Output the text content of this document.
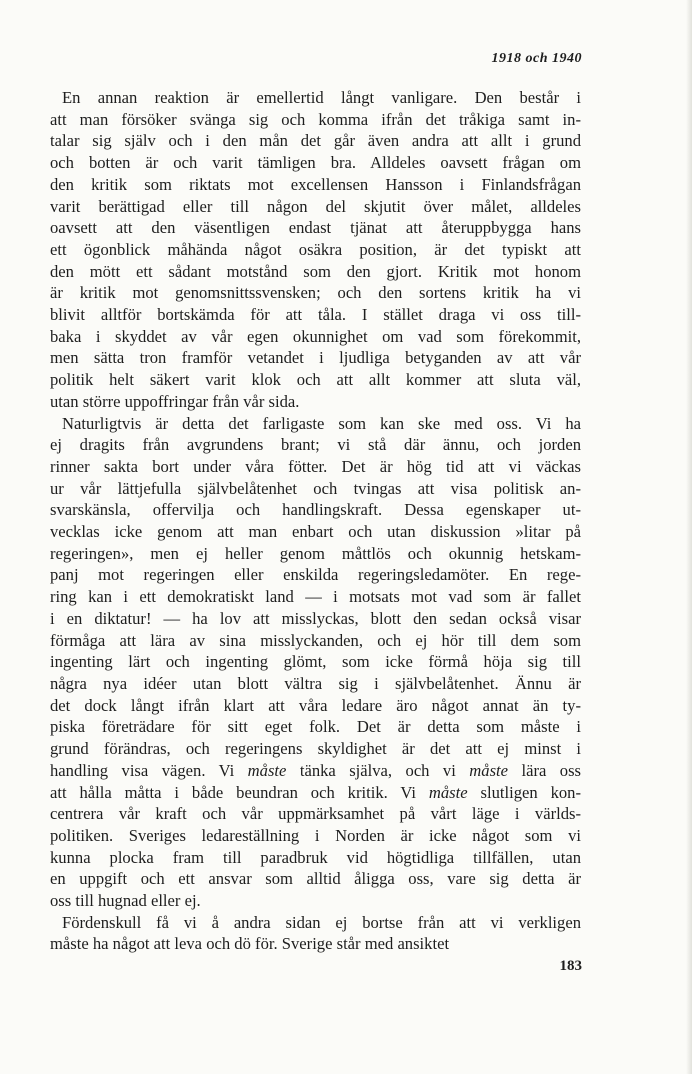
1918 och 1940

En annan reaktion är emellertid långt vanligare. Den består i
att man försöker svänga sig och komma ifrån det tråkiga samt in-
talar sig själv och i den mån det går även andra att allt i grund
och botten är och varit tämligen bra. Alldeles oavsett frågan om
den kritik som riktats mot excellensen Hansson i Finlandsfrågan
varit berättigad eller till någon del skjutit över målet, alldeles
oavsett att den väsentligen endast tjänat att återuppbygga hans
ett ögonblick måhända något osäkra position, är det typiskt att
den mött ett sådant motstånd som den gjort. Kritik mot honom
är kritik mot genomsnittssvensken; och den sortens kritik ha vi
blivit alltför bortskämda för att tåla. I stället draga vi oss till-
baka i skyddet av vår egen okunnighet om vad som förekommit,
men sätta tron framför vetandet i ljudliga betyganden av att vår
politik helt säkert varit klok och att allt kommer att sluta väl,
utan större uppoffringar från vår sida.

Naturligtvis är detta det farligaste som kan ske med oss. Vi ha
ej dragits från avgrundens brant; vi stå där ännu, och jorden
rinner sakta bort under våra fötter. Det är hög tid att vi väckas
ur vår lättjefulla självbelåtenhet och tvingas att visa politisk an-
svarskänsla, offervilja och handlingskraft. Dessa egenskaper ut-
vecklas icke genom att man enbart och utan diskussion »litar på
regeringen», men ej heller genom måttlös och okunnig hetskam-
panj mot regeringen eller enskilda regeringsledamöter. En rege-
ring kan i ett demokratiskt land — i motsats mot vad som är fallet
i en diktatur! — ha lov att misslyckas, blott den sedan också visar
förmåga att lära av sina misslyckanden, och ej hör till dem som
ingenting lärt och ingenting glömt, som icke förmå höja sig till
några nya idéer utan blott vältra sig i självbelåtenhet. Ännu är
det dock långt ifrån klart att våra ledare äro något annat än ty-
piska företrädare för sitt eget folk. Det är detta som måste i
grund förändras, och regeringens skyldighet är det att ej minst i
handling visa vägen. Vi måste tänka själva, och vi måste lära oss
att hålla måtta i både beundran och kritik. Vi måste slutligen kon-
centrera vår kraft och vår uppmärksamhet på vårt läge i världs-
politiken. Sveriges ledareställning i Norden är icke något som vi
kunna plocka fram till paradbruk vid högtidliga tillfällen, utan
en uppgift och ett ansvar som alltid åligga oss, vare sig detta är
oss till hugnad eller ej.

Fördenskull få vi å andra sidan ej bortse från att vi verkligen
måste ha något att leva och dö för. Sverige står med ansiktet

183
